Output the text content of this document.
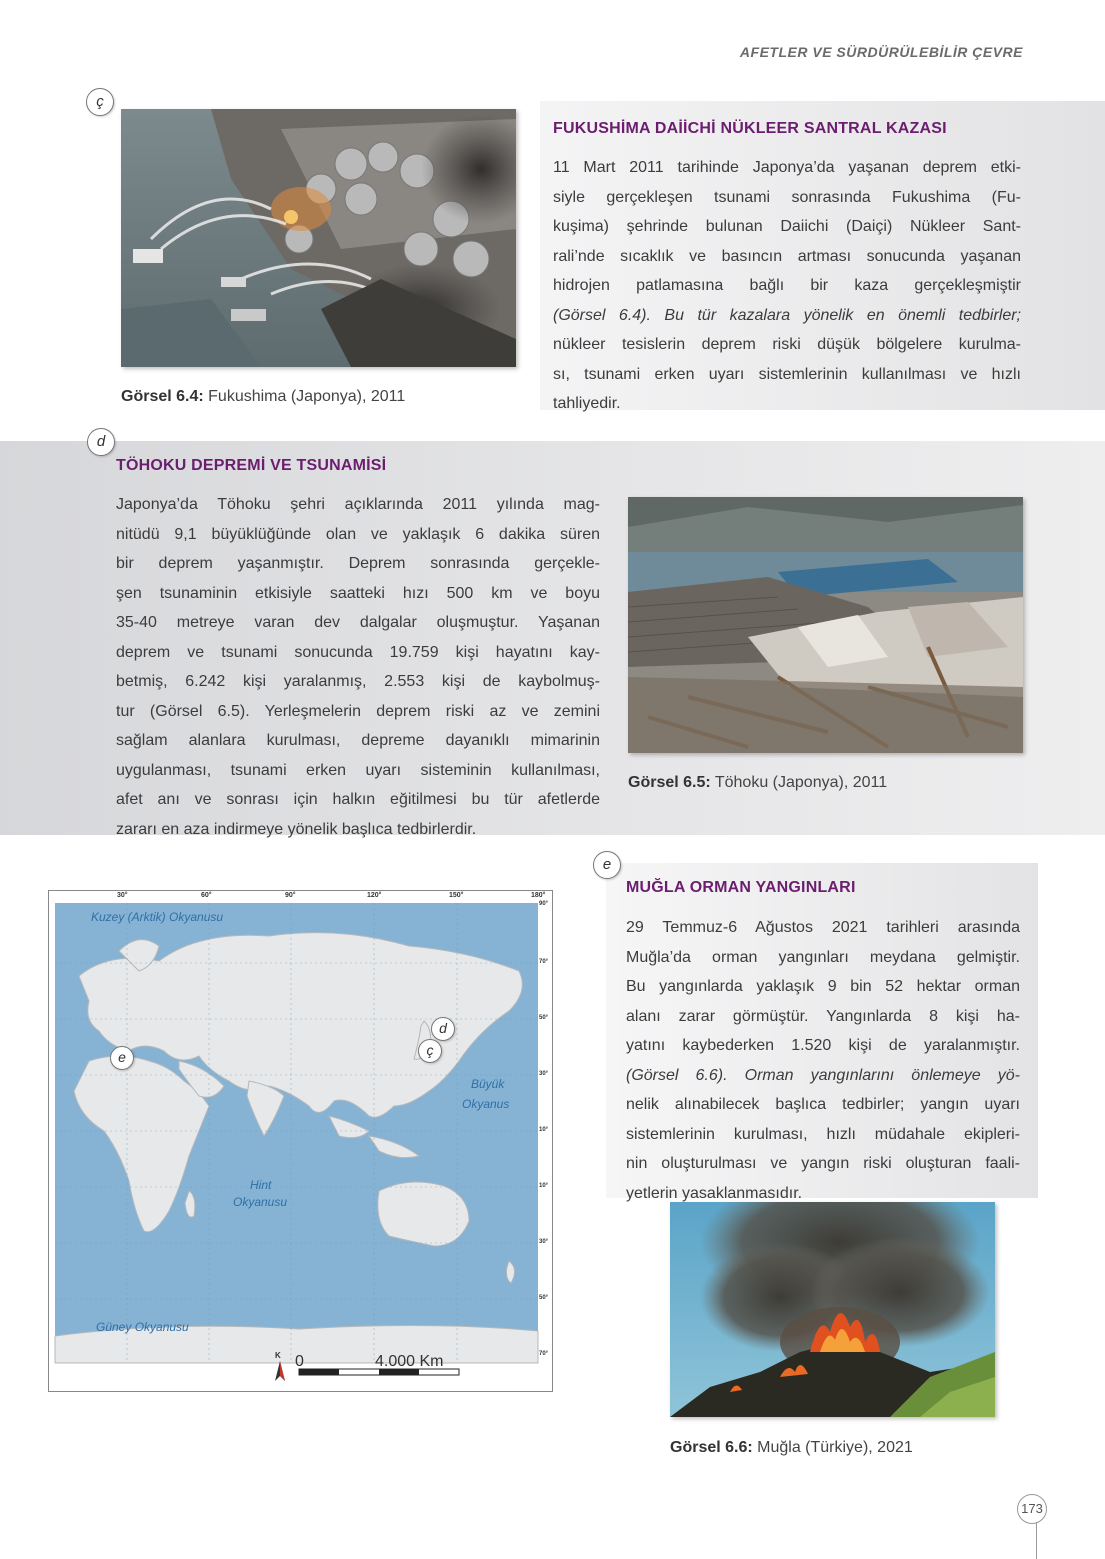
AFETLER VE SÜRDÜRÜLEBİLİR ÇEVRE
ç
FUKUSHİMA DAİİCHİ NÜKLEER SANTRAL KAZASI
11 Mart 2011 tarihinde Japonya’da yaşanan deprem etki-
siyle gerçekleşen tsunami sonrasında Fukushima (Fu-
kuşima) şehrinde bulunan Daiichi (Daiçi) Nükleer Sant-
rali’nde sıcaklık ve basıncın artması sonucunda yaşanan
hidrojen patlamasına bağlı bir kaza gerçekleşmiştir
(Görsel 6.4). Bu tür kazalara yönelik en önemli tedbirler;
nükleer tesislerin deprem riski düşük bölgelere kurulma-
sı, tsunami erken uyarı sistemlerinin kullanılması ve hızlı
tahliyedir.
Görsel 6.4: Fukushima (Japonya), 2011
d
TÖHOKU DEPREMİ VE TSUNAMİSİ
Japonya’da Töhoku şehri açıklarında 2011 yılında mag-
nitüdü 9,1 büyüklüğünde olan ve yaklaşık 6 dakika süren
bir deprem yaşanmıştır. Deprem sonrasında gerçekle-
şen tsunaminin etkisiyle saatteki hızı 500 km ve boyu
35-40 metreye varan dev dalgalar oluşmuştur. Yaşanan
deprem ve tsunami sonucunda 19.759 kişi hayatını kay-
betmiş, 6.242 kişi yaralanmış, 2.553 kişi de kaybolmuş-
tur (Görsel 6.5). Yerleşmelerin deprem riski az ve zemini
sağlam alanlara kurulması, depreme dayanıklı mimarinin
uygulanması, tsunami erken uyarı sisteminin kullanılması,
afet anı ve sonrası için halkın eğitilmesi bu tür afetlerde
zararı en aza indirmeye yönelik başlıca tedbirlerdir.
Görsel 6.5: Töhoku (Japonya), 2011
30°	60°	90°	120°	150°	180°
90°
70°
50°
30°
10°
10°
30°
50°
70°
Kuzey (Arktik) Okyanusu
Büyük
Okyanus
Hint
Okyanusu
Güney Okyanusu
d
ç
e
K 0	4.000 Km
e
MUĞLA ORMAN YANGINLARI
29 Temmuz-6 Ağustos 2021 tarihleri arasında
Muğla’da orman yangınları meydana gelmiştir.
Bu yangınlarda yaklaşık 9 bin 52 hektar orman
alanı zarar görmüştür. Yangınlarda 8 kişi ha-
yatını kaybederken 1.520 kişi de yaralanmıştır.
(Görsel 6.6). Orman yangınlarını önlemeye yö-
nelik alınabilecek başlıca tedbirler; yangın uyarı
sistemlerinin kurulması, hızlı müdahale ekipleri-
nin oluşturulması ve yangın riski oluşturan faali-
yetlerin yasaklanmasıdır.
Görsel 6.6: Muğla (Türkiye), 2021
173
